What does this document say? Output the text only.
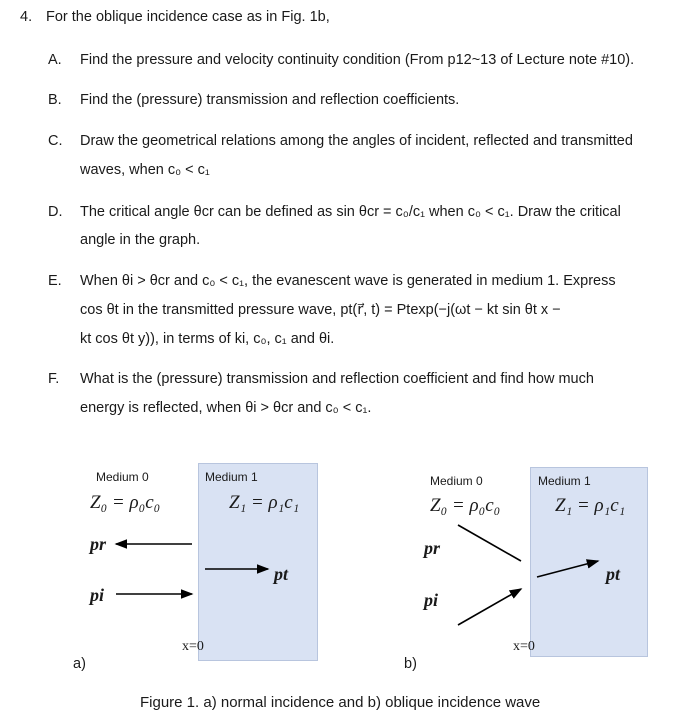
4. For the oblique incidence case as in Fig. 1b,
A. Find the pressure and velocity continuity condition (From p12~13 of Lecture note #10).
B. Find the (pressure) transmission and reflection coefficients.
C. Draw the geometrical relations among the angles of incident, reflected and transmitted
waves, when c₀ < c₁
D. The critical angle θcr can be defined as sin θcr = c₀/c₁ when c₀ < c₁. Draw the critical
angle in the graph.
E. When θi > θcr and c₀ < c₁, the evanescent wave is generated in medium 1. Express
cos θt in the transmitted pressure wave, pt(r⃗, t) = Ptexp(−j(ωt − kt sin θt x −
kt cos θt y)), in terms of ki, c₀, c₁ and θi.
F. What is the (pressure) transmission and reflection coefficient and find how much
energy is reflected, when θi > θcr and c₀ < c₁.
Medium 0	Medium 1
Z₀ = ρ₀c₀	Z₁ = ρ₁c₁
pr
pi
pt
x=0
a)
Medium 0	Medium 1
Z₀ = ρ₀c₀	Z₁ = ρ₁c₁
pr
pi
pt
x=0
b)
Figure 1. a) normal incidence and b) oblique incidence wave
